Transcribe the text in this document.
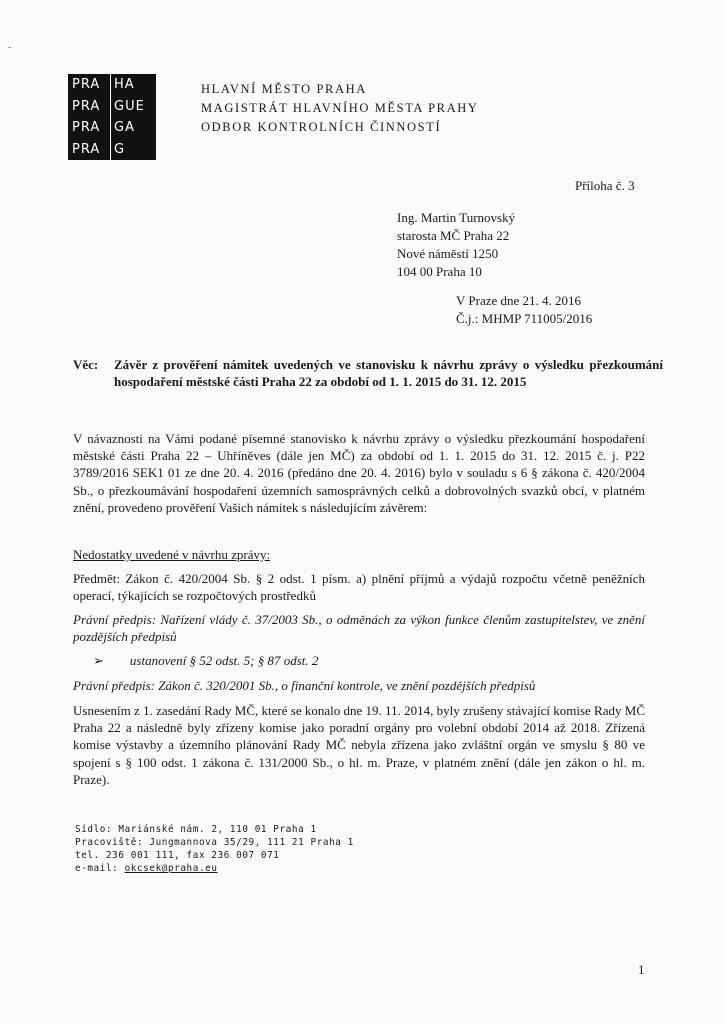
-
PRA	HA
PRA	GUE
PRA	GA
PRA	G
HLAVNÍ MĚSTO PRAHA
MAGISTRÁT HLAVNÍHO MĚSTA PRAHY
ODBOR KONTROLNÍCH ČINNOSTÍ
Příloha č. 3
Ing. Martin Turnovský
starosta MČ Praha 22
Nové náměstí 1250
104 00 Praha 10
V Praze dne 21. 4. 2016
Č.j.: MHMP 711005/2016
Věc: Závěr z prověření námitek uvedených ve stanovisku k návrhu zprávy o výsledku přezkoumání hospodaření městské části Praha 22 za období od 1. 1. 2015 do 31. 12. 2015
V návaznosti na Vámi podané písemné stanovisko k návrhu zprávy o výsledku přezkoumání hospodaření městské části Praha 22 – Uhříněves (dále jen MČ) za období od 1. 1. 2015 do 31. 12. 2015 č. j. P22 3789/2016 SEK1 01 ze dne 20. 4. 2016 (předáno dne 20. 4. 2016) bylo v souladu s 6 § zákona č. 420/2004 Sb., o přezkoumávání hospodaření územních samosprávných celků a dobrovolných svazků obcí, v platném znění, provedeno prověření Vašich námitek s následujícím závěrem:
Nedostatky uvedené v návrhu zprávy:
Předmět: Zákon č. 420/2004 Sb. § 2 odst. 1 písm. a) plnění příjmů a výdajů rozpočtu včetně peněžních operací, týkajících se rozpočtových prostředků
Právní předpis: Nařízení vlády č. 37/2003 Sb., o odměnách za výkon funkce členům zastupitelstev, ve znění pozdějších předpisů
➢ ustanovení § 52 odst. 5; § 87 odst. 2
Právní předpis: Zákon č. 320/2001 Sb., o finanční kontrole, ve znění pozdějších předpisů
Usnesením z 1. zasedání Rady MČ, které se konalo dne 19. 11. 2014, byly zrušeny stávající komise Rady MČ Praha 22 a následně byly zřízeny komise jako poradní orgány pro volební období 2014 až 2018. Zřízená komise výstavby a územního plánování Rady MČ nebyla zřízena jako zvláštní orgán ve smyslu § 80 ve spojení s § 100 odst. 1 zákona č. 131/2000 Sb., o hl. m. Praze, v platném znění (dále jen zákon o hl. m. Praze).
Sídlo: Mariánské nám. 2, 110 01 Praha 1
Pracoviště: Jungmannova 35/29, 111 21 Praha 1
tel. 236 001 111, fax 236 007 071
e-mail: okcsek@praha.eu
1
